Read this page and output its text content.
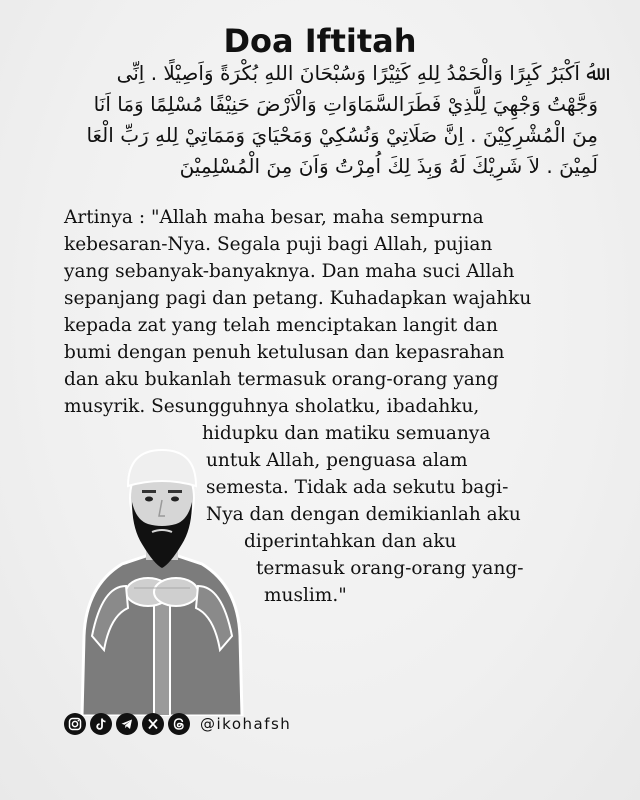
Doa Iftitah
ﷲُ اَكْبَرُ كَبِرًا وَالْحَمْدُ لِلهِ كَثِيْرًا وَسُبْحَانَ اللهِ بُكْرَةً وَاَصِيْلًا . اِنِّى
وَجَّهْتُ وَجْهِيَ لِلَّذِيْ فَطَرَالسَّمَاوَاتِ وَالْاَرْضَ حَنِيْفًا مُسْلِمًا وَمَا اَنَا
مِنَ الْمُشْرِكِيْنَ . اِنَّ صَلَاتِيْ وَنُسُكِيْ وَمَحْيَايَ وَمَمَاتِيْ لِلهِ رَبِّ الْعَا
لَمِيْنَ . لاَ شَرِيْكَ لَهُ وَبِذَ لِكَ اُمِرْتُ وَاَنَ مِنَ الْمُسْلِمِيْنَ
Artinya : "Allah maha besar, maha sempurna
kebesaran-Nya. Segala puji bagi Allah, pujian
yang sebanyak-banyaknya. Dan maha suci Allah
sepanjang pagi dan petang. Kuhadapkan wajahku
kepada zat yang telah menciptakan langit dan
bumi dengan penuh ketulusan dan kepasrahan
dan aku bukanlah termasuk orang-orang yang
musyrik. Sesungguhnya sholatku, ibadahku,
hidupku dan matiku semuanya
untuk Allah, penguasa alam
semesta. Tidak ada sekutu bagi-
Nya dan dengan demikianlah aku
diperintahkan dan aku
termasuk orang-orang yang-
muslim."
@ikohafsh
